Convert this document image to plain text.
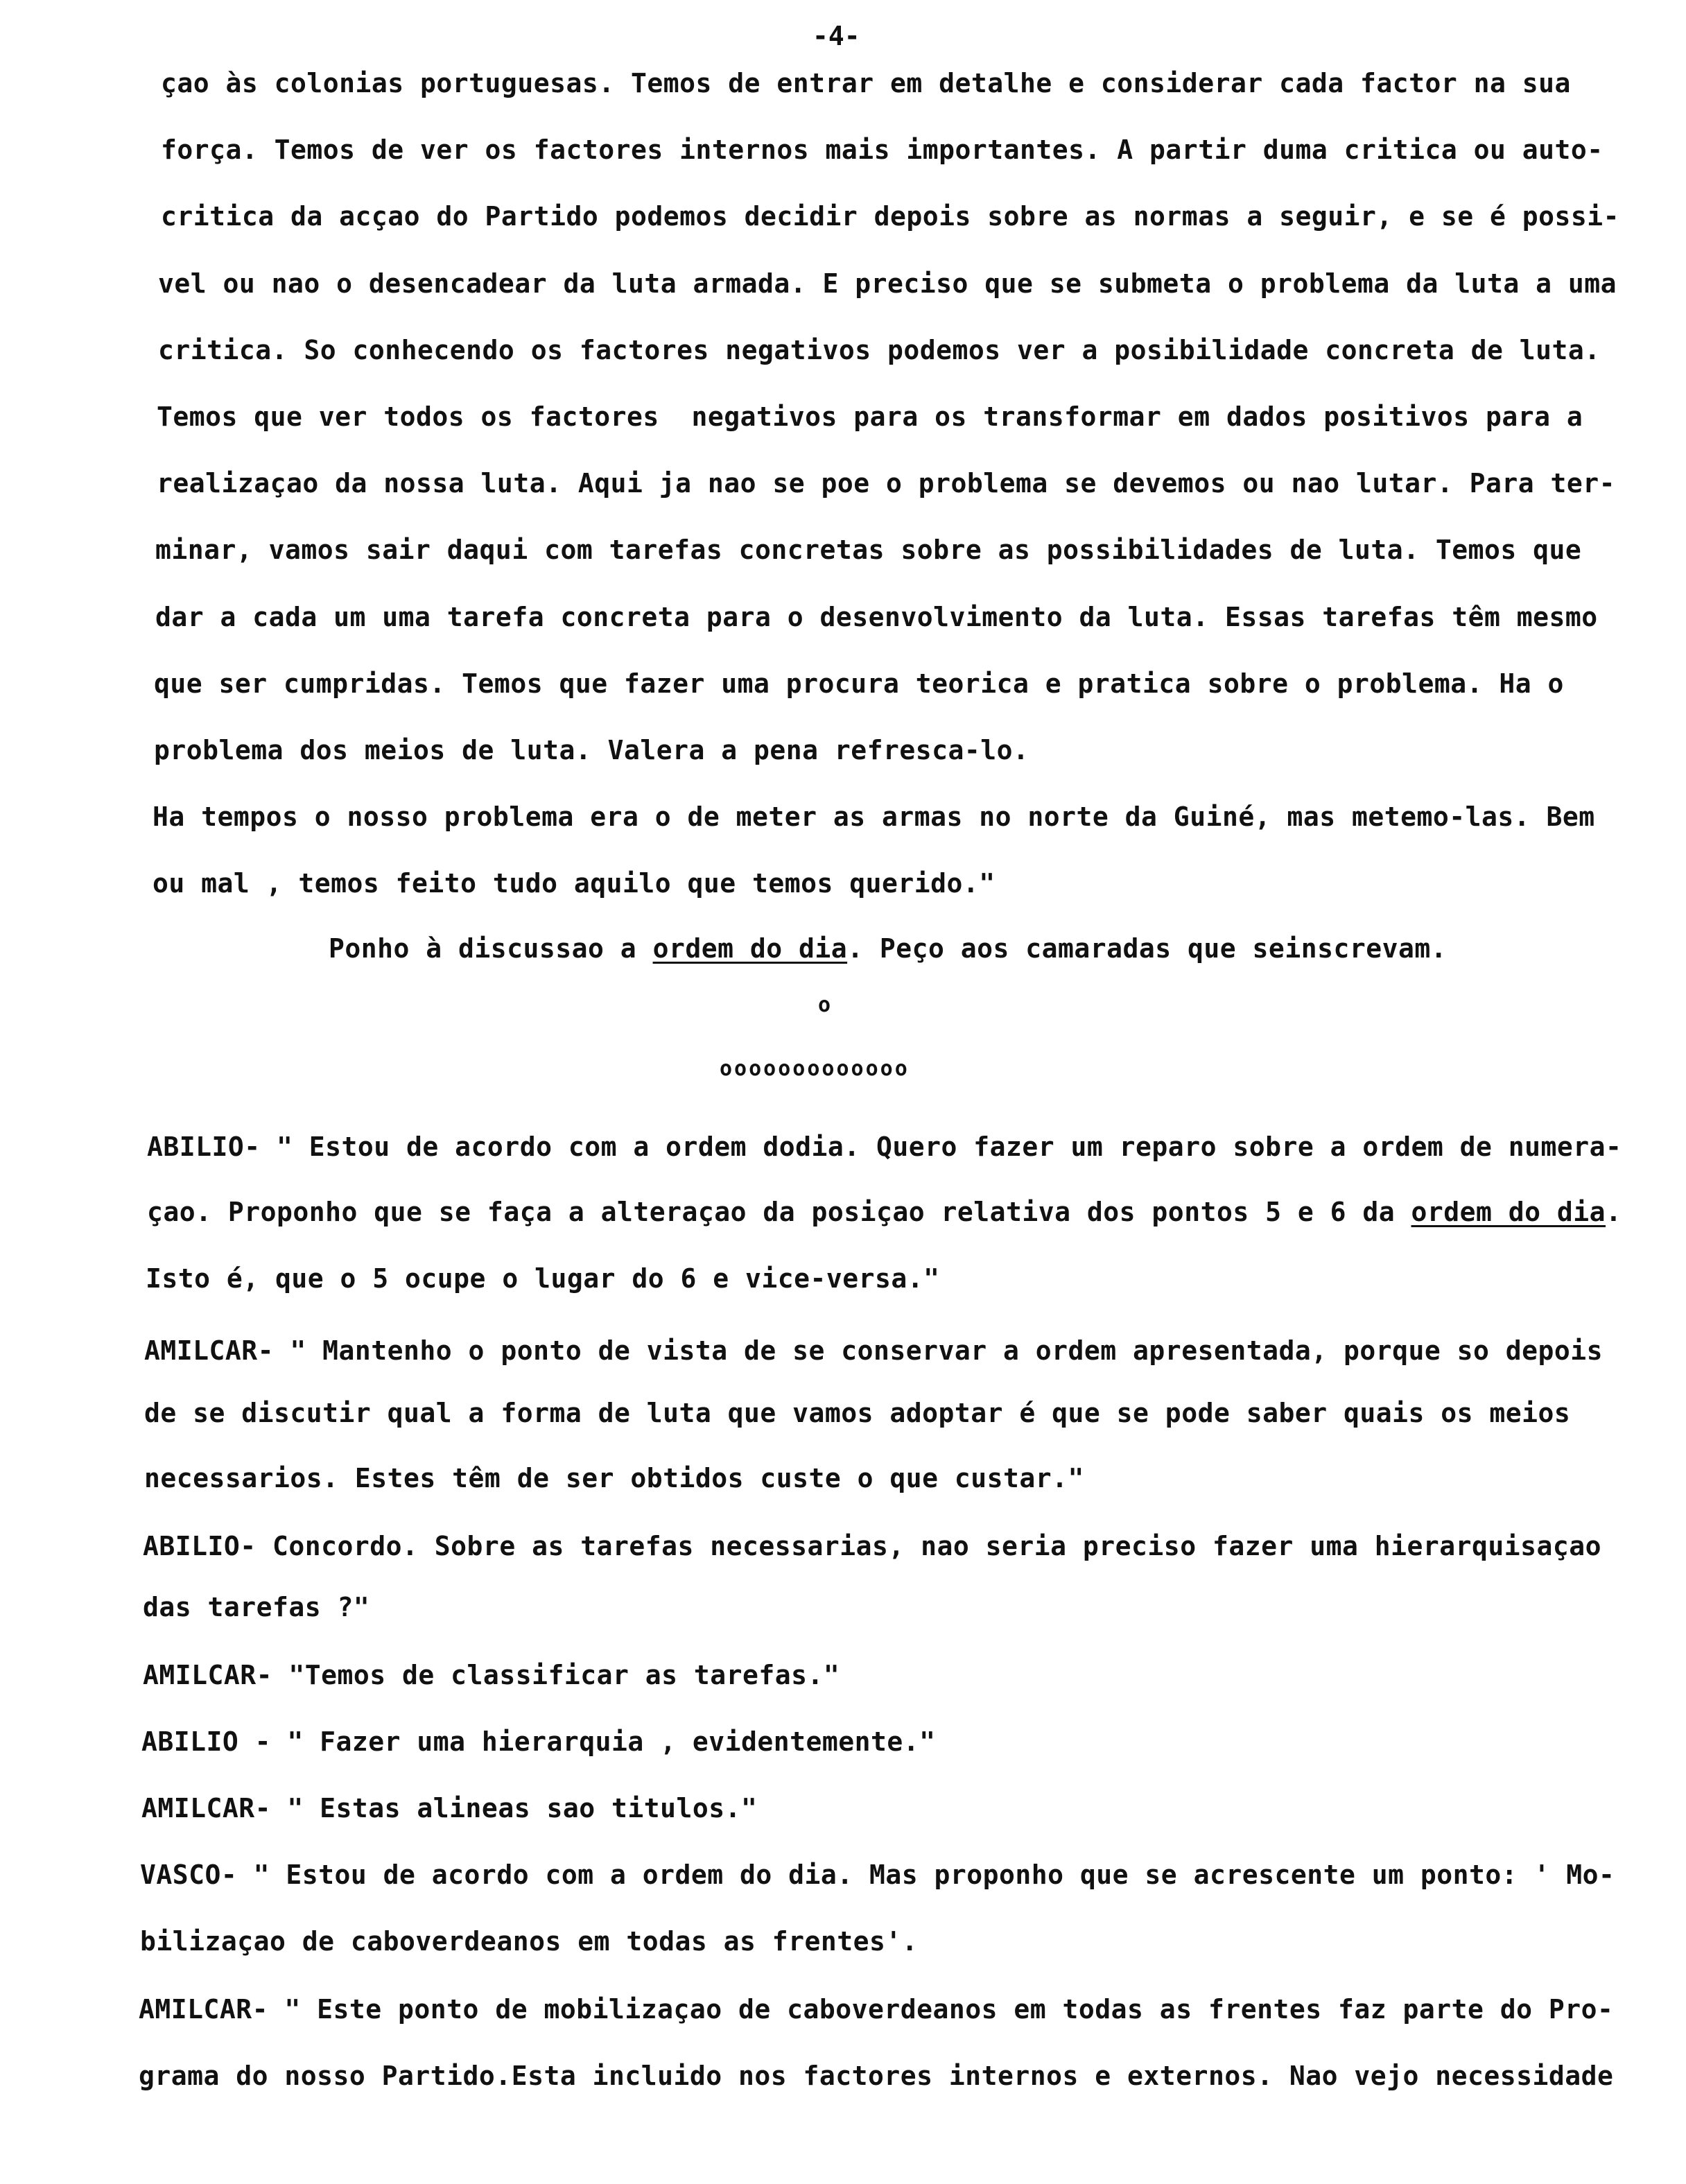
-4-
çao às colonias portuguesas. Temos de entrar em detalhe e considerar cada factor na sua
força. Temos de ver os factores internos mais importantes. A partir duma critica ou auto-
critica da acçao do Partido podemos decidir depois sobre as normas a seguir, e se é possi-
vel ou nao o desencadear da luta armada. E preciso que se submeta o problema da luta a uma
critica. So conhecendo os factores negativos podemos ver a posibilidade concreta de luta.
Temos que ver todos os factores  negativos para os transformar em dados positivos para a
realizaçao da nossa luta. Aqui ja nao se poe o problema se devemos ou nao lutar. Para ter-
minar, vamos sair daqui com tarefas concretas sobre as possibilidades de luta. Temos que
dar a cada um uma tarefa concreta para o desenvolvimento da luta. Essas tarefas têm mesmo
que ser cumpridas. Temos que fazer uma procura teorica e pratica sobre o problema. Ha o
problema dos meios de luta. Valera a pena refresca-lo.
Ha tempos o nosso problema era o de meter as armas no norte da Guiné, mas metemo-las. Bem
ou mal , temos feito tudo aquilo que temos querido."
Ponho à discussao a ordem do dia. Peço aos camaradas que seinscrevam.
o
ooooooooooooo
ABILIO- " Estou de acordo com a ordem dodia. Quero fazer um reparo sobre a ordem de numera-
çao. Proponho que se faça a alteraçao da posiçao relativa dos pontos 5 e 6 da ordem do dia.
Isto é, que o 5 ocupe o lugar do 6 e vice-versa."
AMILCAR- " Mantenho o ponto de vista de se conservar a ordem apresentada, porque so depois
de se discutir qual a forma de luta que vamos adoptar é que se pode saber quais os meios
necessarios. Estes têm de ser obtidos custe o que custar."
ABILIO- Concordo. Sobre as tarefas necessarias, nao seria preciso fazer uma hierarquisaçao
das tarefas ?"
AMILCAR- "Temos de classificar as tarefas."
ABILIO - " Fazer uma hierarquia , evidentemente."
AMILCAR- " Estas alineas sao titulos."
VASCO- " Estou de acordo com a ordem do dia. Mas proponho que se acrescente um ponto: ' Mo-
bilizaçao de caboverdeanos em todas as frentes'.
AMILCAR- " Este ponto de mobilizaçao de caboverdeanos em todas as frentes faz parte do Pro-
grama do nosso Partido.Esta incluido nos factores internos e externos. Nao vejo necessidade
